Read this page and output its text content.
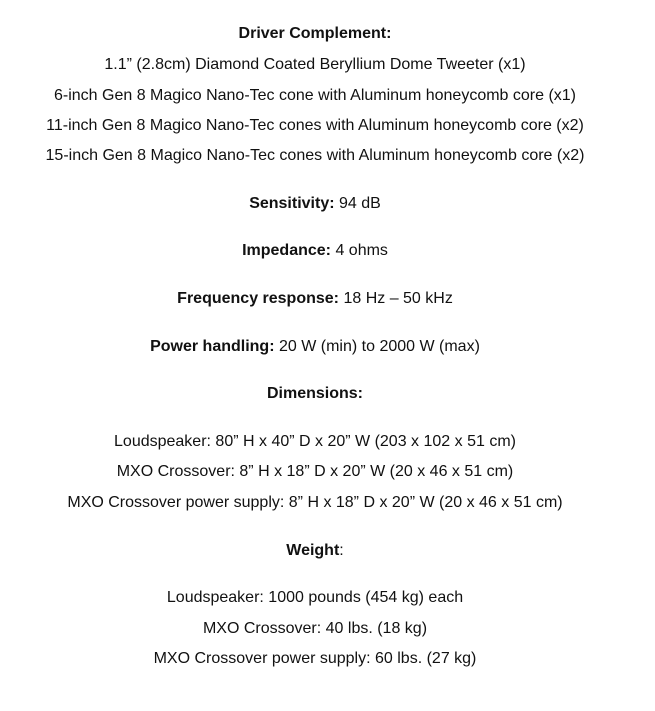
Driver Complement:
1.1” (2.8cm) Diamond Coated Beryllium Dome Tweeter (x1)
6-inch Gen 8 Magico Nano-Tec cone with Aluminum honeycomb core (x1)
11-inch Gen 8 Magico Nano-Tec cones with Aluminum honeycomb core (x2)
15-inch Gen 8 Magico Nano-Tec cones with Aluminum honeycomb core (x2)
Sensitivity: 94 dB
Impedance: 4 ohms
Frequency response: 18 Hz – 50 kHz
Power handling: 20 W (min) to 2000 W (max)
Dimensions:
Loudspeaker: 80” H x 40” D x 20” W (203 x 102 x 51 cm)
MXO Crossover: 8” H x 18” D x 20” W (20 x 46 x 51 cm)
MXO Crossover power supply: 8” H x 18” D x 20” W (20 x 46 x 51 cm)
Weight:
Loudspeaker: 1000 pounds (454 kg) each
MXO Crossover: 40 lbs. (18 kg)
MXO Crossover power supply: 60 lbs. (27 kg)
